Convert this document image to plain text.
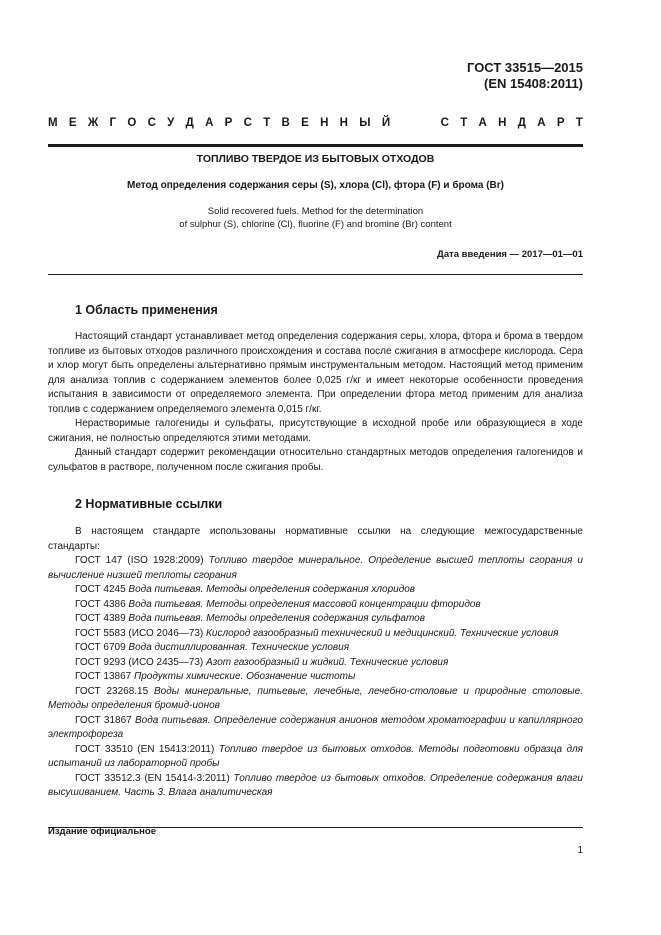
ГОСТ 33515—2015
(EN 15408:2011)
М Е Ж Г О С У Д А Р С Т В Е Н Н Ы Й	С Т А Н Д А Р Т
ТОПЛИВО ТВЕРДОЕ ИЗ БЫТОВЫХ ОТХОДОВ
Метод определения содержания серы (S), хлора (Cl), фтора (F) и брома (Br)
Solid recovered fuels. Method for the determination
of sulphur (S), chlorine (Cl), fluorine (F) and bromine (Br) content
Дата введения — 2017—01—01
1 Область применения

Настоящий стандарт устанавливает метод определения содержания серы, хлора, фтора и брома в твердом топливе из бытовых отходов различного происхождения и состава после сжигания в атмосфере кислорода. Сера и хлор могут быть определены альтернативно прямым инструментальным методом. Настоящий метод применим для анализа топлив с содержанием элементов более 0,025 г/кг и имеет некоторые особенности проведения испытания в зависимости от определяемого элемента. При определении фтора метод применим для анализа топлив с содержанием определяемого элемента 0,015 г/кг.

Нерастворимые галогениды и сульфаты, присутствующие в исходной пробе или образующиеся в ходе сжигания, не полностью определяются этими методами.

Данный стандарт содержит рекомендации относительно стандартных методов определения галогенидов и сульфатов в растворе, полученном после сжигания пробы.

2 Нормативные ссылки

В настоящем стандарте использованы нормативные ссылки на следующие межгосударственные стандарты:

ГОСТ 147 (ISO 1928:2009) Топливо твердое минеральное. Определение высшей теплоты сгорания и вычисление низшей теплоты сгорания

ГОСТ 4245 Вода питьевая. Методы определения содержания хлоридов

ГОСТ 4386 Вода питьевая. Методы определения массовой концентрации фторидов

ГОСТ 4389 Вода питьевая. Методы определения содержания сульфатов

ГОСТ 5583 (ИСО 2046—73) Кислород газообразный технический и медицинский. Технические условия

ГОСТ 6709 Вода дистиллированная. Технические условия

ГОСТ 9293 (ИСО 2435—73) Азот газообразный и жидкий. Технические условия

ГОСТ 13867 Продукты химические. Обозначение чистоты

ГОСТ 23268.15 Воды минеральные, питьевые, лечебные, лечебно-столовые и природные столовые. Методы определения бромид-ионов

ГОСТ 31867 Вода питьевая. Определение содержания анионов методом хроматографии и капиллярного электрофореза

ГОСТ 33510 (EN 15413:2011) Топливо твердое из бытовых отходов. Методы подготовки образца для испытаний из лабораторной пробы

ГОСТ 33512.3 (EN 15414-3:2011) Топливо твердое из бытовых отходов. Определение содержания влаги высушиванием. Часть 3. Влага аналитическая

Издание официальное
1
